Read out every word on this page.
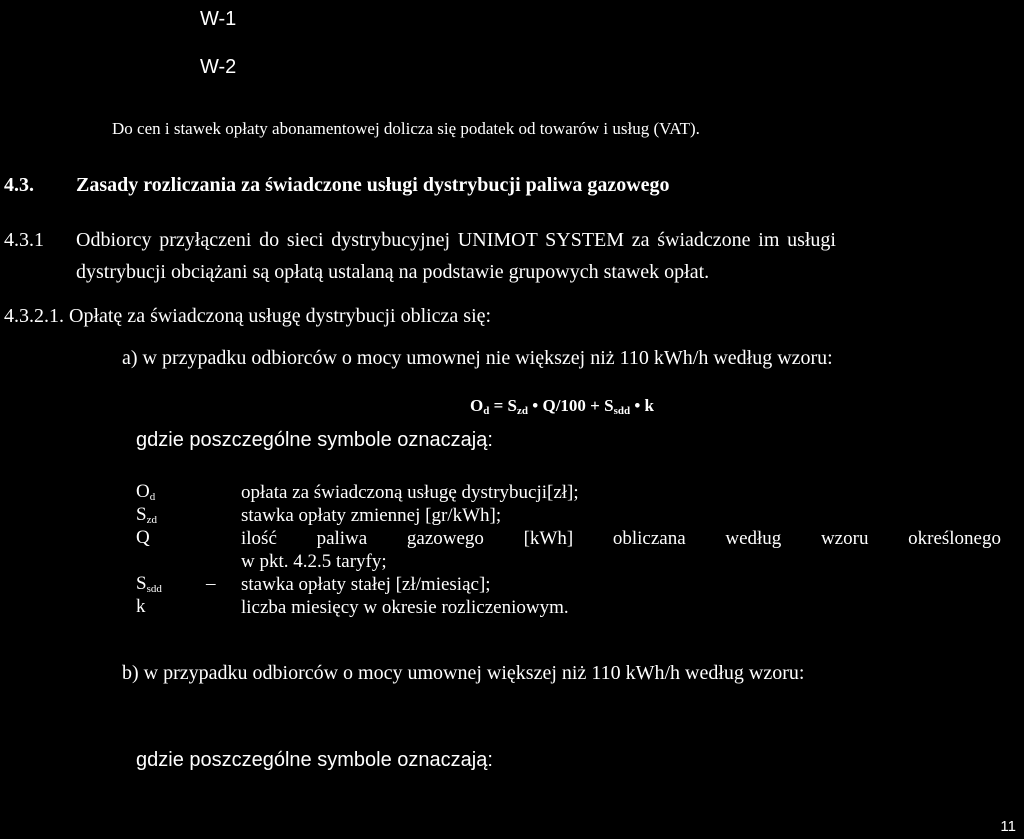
W-1
W-2
Do cen i stawek opłaty abonamentowej dolicza się podatek od towarów i usług (VAT).
4.3. Zasady rozliczania za świadczone usługi dystrybucji paliwa gazowego
4.3.1 Odbiorcy przyłączeni do sieci dystrybucyjnej UNIMOT SYSTEM za świadczone im usługi
dystrybucji obciążani są opłatą ustalaną na podstawie grupowych stawek opłat.
4.3.2.1. Opłatę za świadczoną usługę dystrybucji oblicza się:
a) w przypadku odbiorców o mocy umownej nie większej niż 110 kWh/h według wzoru:
$O_d = S_{zd}$ • $Q/100 + S_{sdd}$ • k
gdzie poszczególne symbole oznaczają:
$O_d$	opłata za świadczoną usługę dystrybucji[zł];
$S_{zd}$	stawka opłaty zmiennej [gr/kWh];
Q	ilość paliwa gazowego [kWh] obliczana według wzoru określonego
w pkt. 4.2.5 taryfy;
$S_{sdd}$ – stawka opłaty stałej [zł/miesiąc];
k	liczba miesięcy w okresie rozliczeniowym.
b) w przypadku odbiorców o mocy umownej większej niż 110 kWh/h według wzoru:
gdzie poszczególne symbole oznaczają:
11
